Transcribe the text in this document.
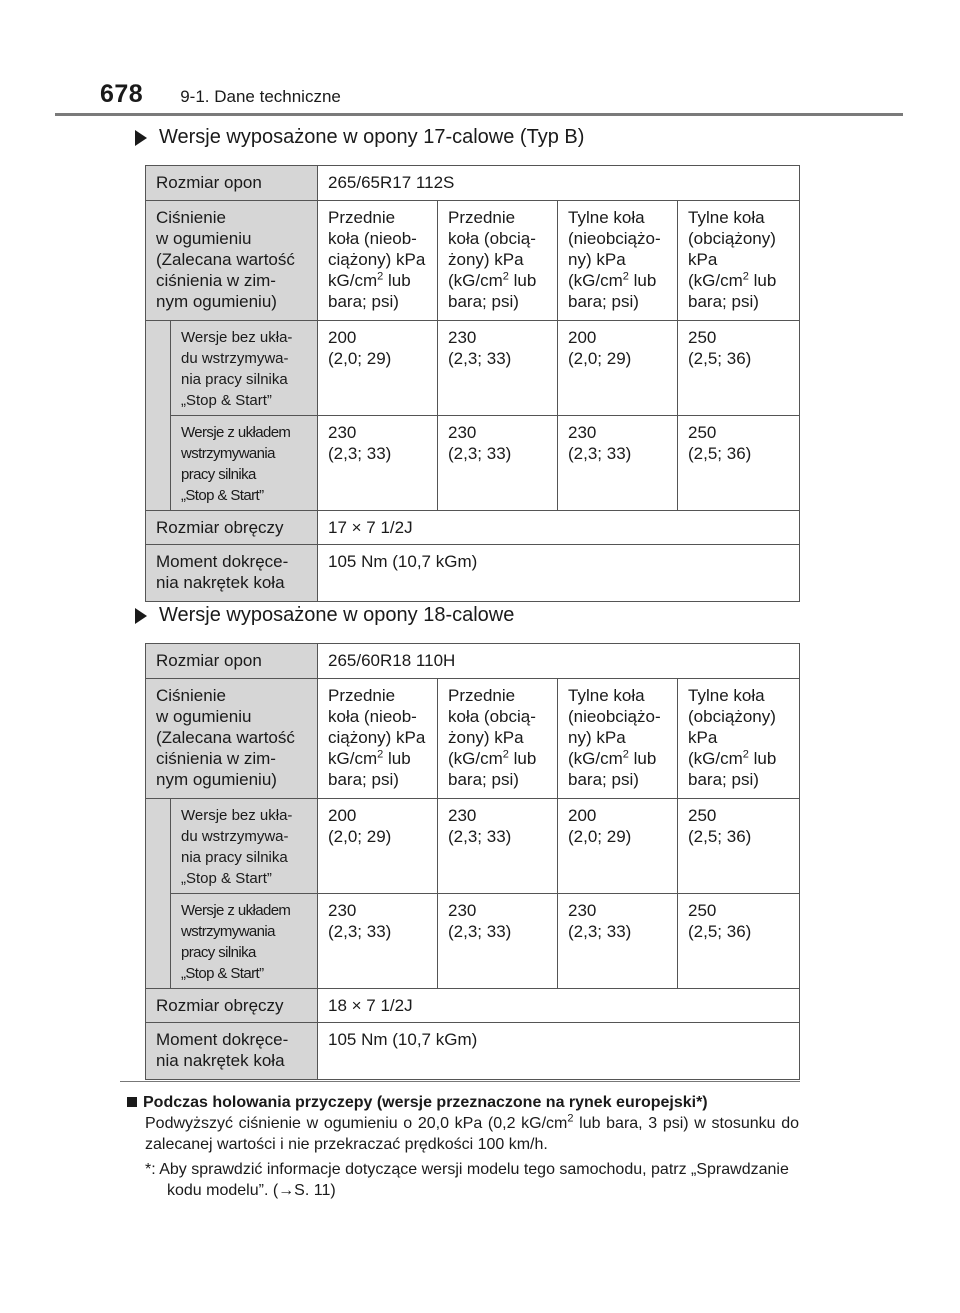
678 9-1. Dane techniczne
Wersje wyposażone w opony 17-calowe (Typ B)
Rozmiar opon		265/65R17 112S			

Ciśnienie
w ogumieniu
(Zalecana wartość
ciśnienia w zim-
nym ogumieniu)		Przednie
koła (nieob-
ciążony) kPa
$kG/cm^2$ lub
bara; psi)	Przednie
koła (obcią-
żony) kPa
($kG/cm^2$ lub
bara; psi)	Tylne koła
(nieobciążo-
ny) kPa
($kG/cm^2$ lub
bara; psi)	Tylne koła
(obciążony)
kPa
($kG/cm^2$ lub
bara; psi)

	Wersje bez ukła-
du wstrzymywa-
nia pracy silnika
„Stop & Start”	200
(2,0; 29)	230
(2,3; 33)	200
(2,0; 29)	250
(2,5; 36)

	Wersje z układem
wstrzymywania
pracy silnika
„Stop & Start”	230
(2,3; 33)	230
(2,3; 33)	230
(2,3; 33)	250
(2,5; 36)

Rozmiar obręczy		17 × 7 1/2J			

Moment dokręce-
nia nakrętek koła		105 Nm (10,7 kGm)			
Wersje wyposażone w opony 18-calowe
Rozmiar opon		265/60R18 110H			

Ciśnienie
w ogumieniu
(Zalecana wartość
ciśnienia w zim-
nym ogumieniu)		Przednie
koła (nieob-
ciążony) kPa
$kG/cm^2$ lub
bara; psi)	Przednie
koła (obcią-
żony) kPa
($kG/cm^2$ lub
bara; psi)	Tylne koła
(nieobciążo-
ny) kPa
($kG/cm^2$ lub
bara; psi)	Tylne koła
(obciążony)
kPa
($kG/cm^2$ lub
bara; psi)

	Wersje bez ukła-
du wstrzymywa-
nia pracy silnika
„Stop & Start”	200
(2,0; 29)	230
(2,3; 33)	200
(2,0; 29)	250
(2,5; 36)

	Wersje z układem
wstrzymywania
pracy silnika
„Stop & Start”	230
(2,3; 33)	230
(2,3; 33)	230
(2,3; 33)	250
(2,5; 36)

Rozmiar obręczy		18 × 7 1/2J			

Moment dokręce-
nia nakrętek koła		105 Nm (10,7 kGm)			
Podczas holowania przyczepy (wersje przeznaczone na rynek europejski*)
Podwyższyć ciśnienie w ogumieniu o 20,0 kPa (0,2 $kG/cm^2$ lub bara, 3 psi) w stosunku do zalecanej wartości i nie przekraczać prędkości 100 km/h.
*: Aby sprawdzić informacje dotyczące wersji modelu tego samochodu, patrz „Sprawdzanie kodu modelu”. (→S. 11)
